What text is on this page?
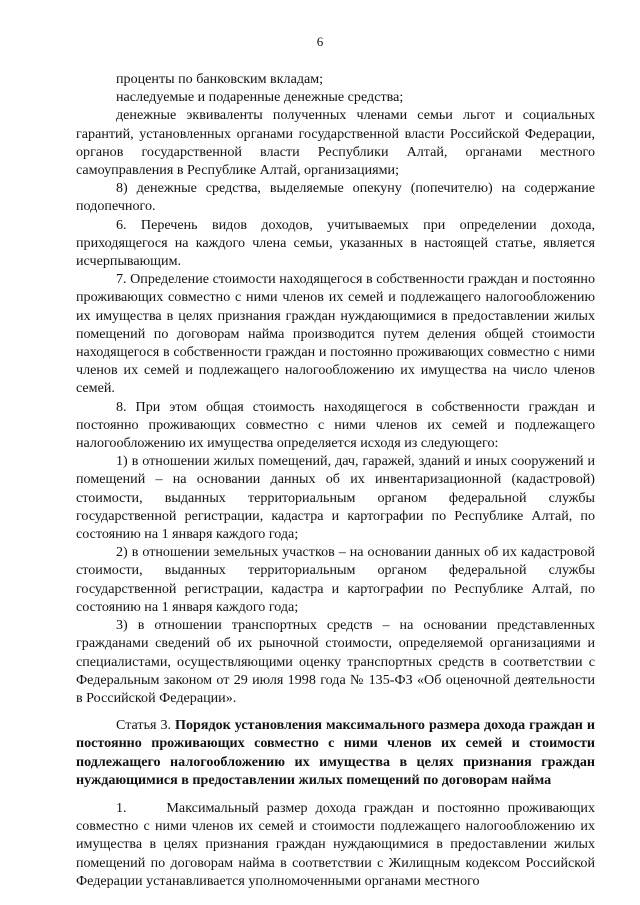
6

проценты по банковским вкладам;

наследуемые и подаренные денежные средства;

денежные эквиваленты полученных членами семьи льгот и социальных гарантий, установленных органами государственной власти Российской Федерации, органов государственной власти Республики Алтай, органами местного самоуправления в Республике Алтай, организациями;

8) денежные средства, выделяемые опекуну (попечителю) на содержание подопечного.

6. Перечень видов доходов, учитываемых при определении дохода, приходящегося на каждого члена семьи, указанных в настоящей статье, является исчерпывающим.

7. Определение стоимости находящегося в собственности граждан и постоянно проживающих совместно с ними членов их семей и подлежащего налогообложению их имущества в целях признания граждан нуждающимися в предоставлении жилых помещений по договорам найма производится путем деления общей стоимости находящегося в собственности граждан и постоянно проживающих совместно с ними членов их семей и подлежащего налогообложению их имущества на число членов семей.

8. При этом общая стоимость находящегося в собственности граждан и постоянно проживающих совместно с ними членов их семей и подлежащего налогообложению их имущества определяется исходя из следующего:

1) в отношении жилых помещений, дач, гаражей, зданий и иных сооружений и помещений – на основании данных об их инвентаризационной (кадастровой) стоимости, выданных территориальным органом федеральной службы государственной регистрации, кадастра и картографии по Республике Алтай, по состоянию на 1 января каждого года;

2) в отношении земельных участков – на основании данных об их кадастровой стоимости, выданных территориальным органом федеральной службы государственной регистрации, кадастра и картографии по Республике Алтай, по состоянию на 1 января каждого года;

3) в отношении транспортных средств – на основании представленных гражданами сведений об их рыночной стоимости, определяемой организациями и специалистами, осуществляющими оценку транспортных средств в соответствии с Федеральным законом от 29 июля 1998 года № 135-ФЗ «Об оценочной деятельности в Российской Федерации».

Статья 3. Порядок установления максимального размера дохода граждан и постоянно проживающих совместно с ними членов их семей и стоимости подлежащего налогообложению их имущества в целях признания граждан нуждающимися в предоставлении жилых помещений по договорам найма

1.     Максимальный размер дохода граждан и постоянно проживающих совместно с ними членов их семей и стоимости подлежащего налогообложению их имущества в целях признания граждан нуждающимися в предоставлении жилых помещений по договорам найма в соответствии с Жилищным кодексом Российской Федерации устанавливается уполномоченными органами местного
